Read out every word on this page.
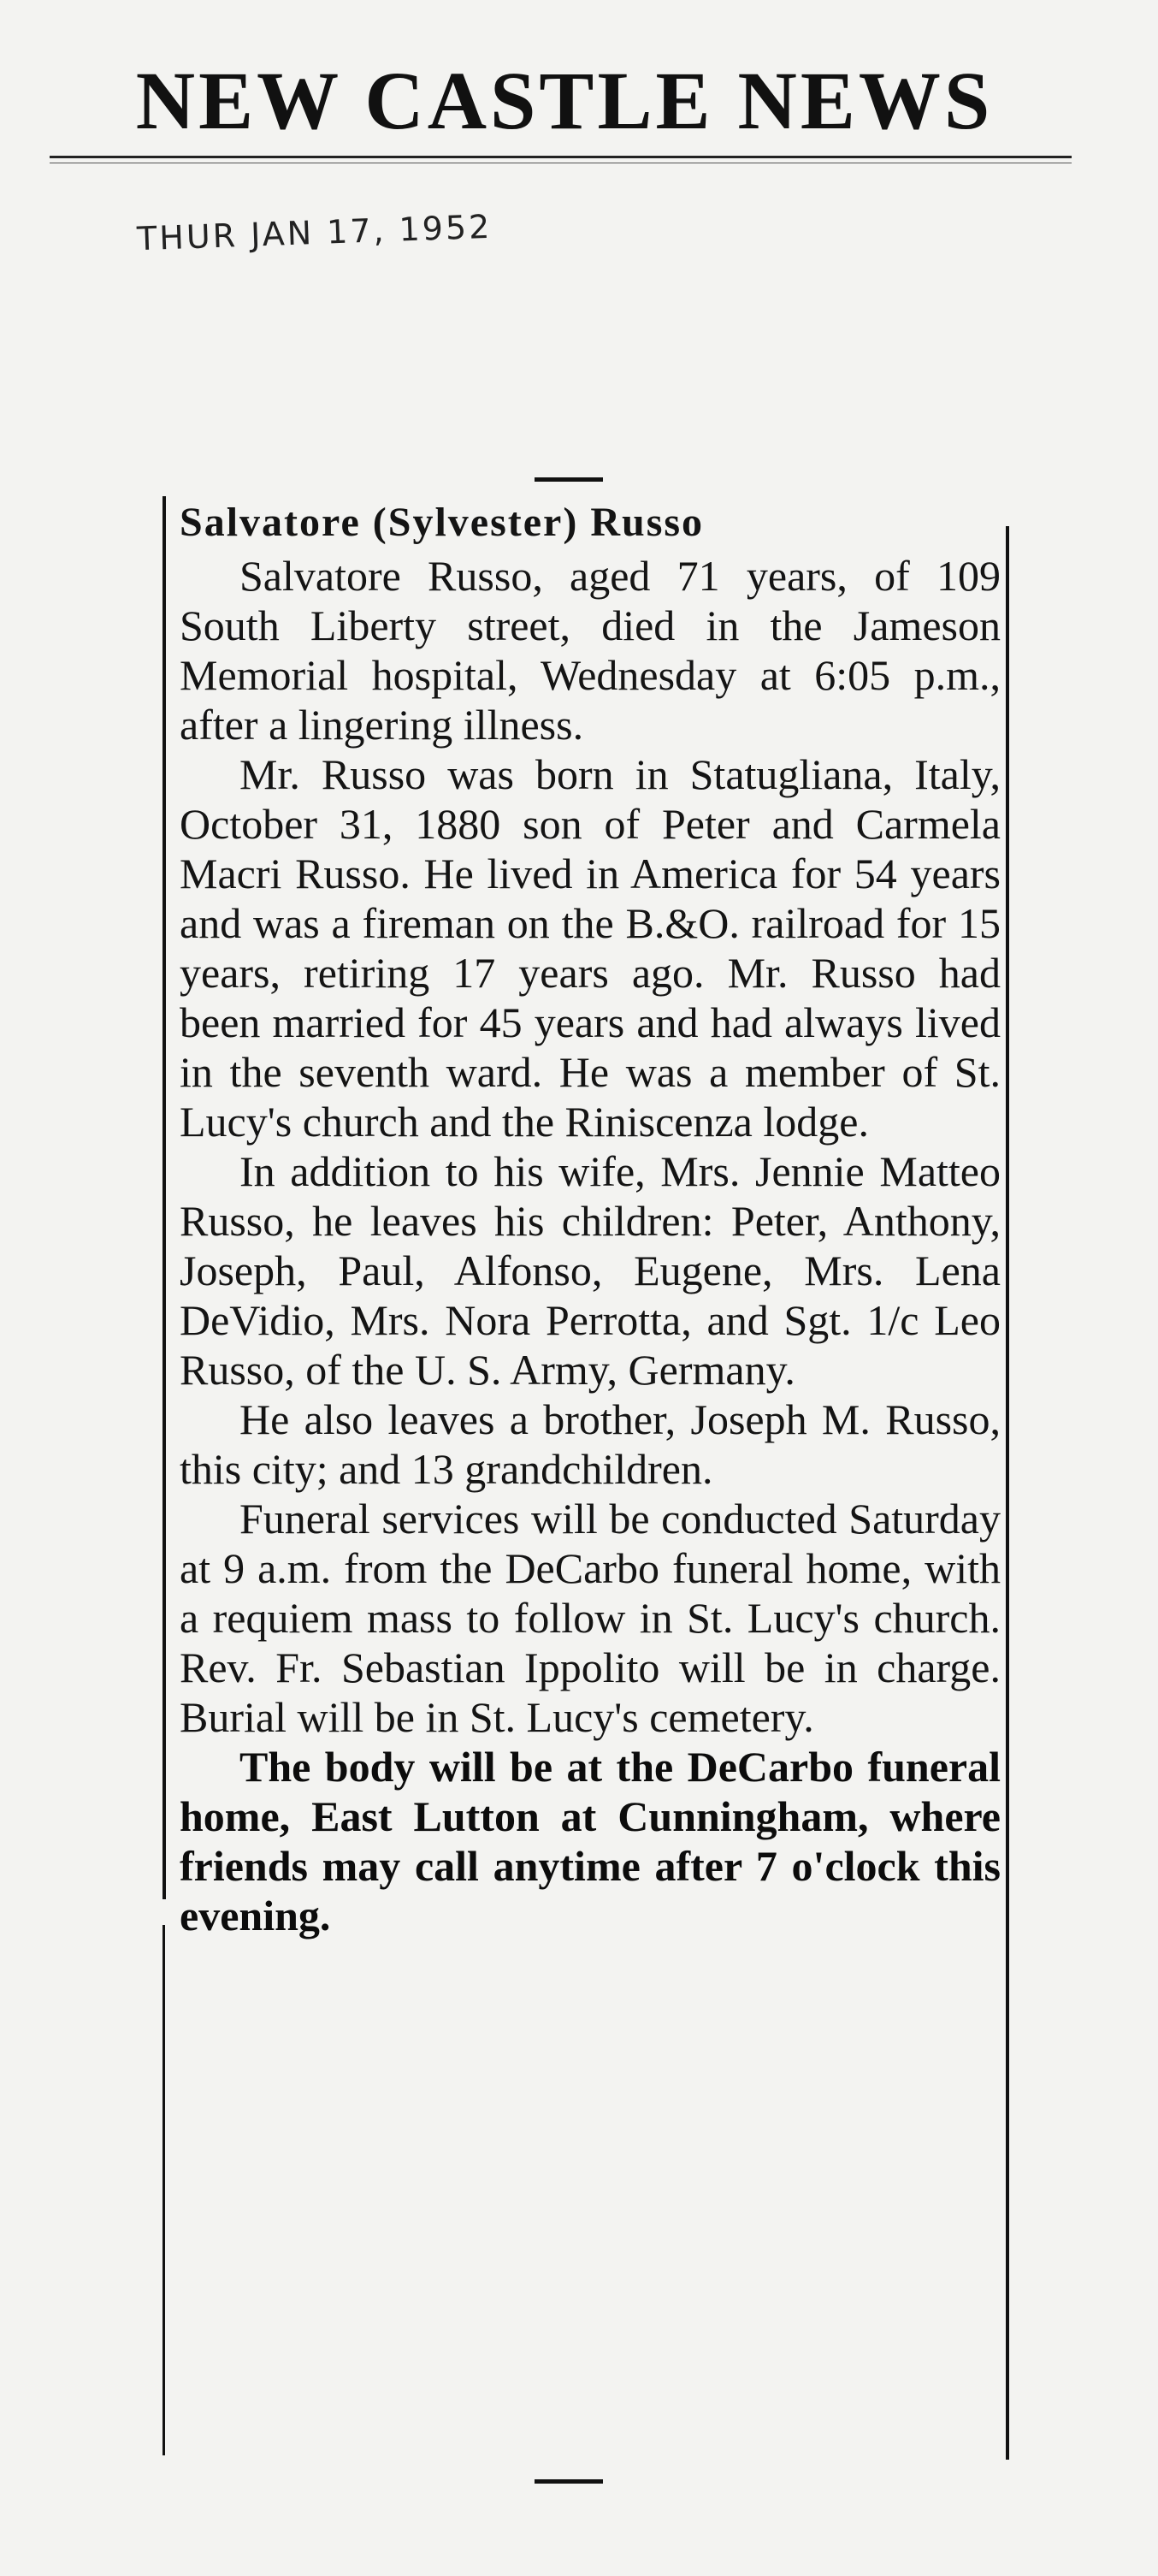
NEW CASTLE NEWS
THUR JAN 17, 1952
Salvatore (Sylvester) Russo

Salvatore Russo, aged 71 years, of 109 South Liberty street, died in the Jameson Memorial hospital, Wednesday at 6:05 p.m., after a lingering illness.

Mr. Russo was born in Statugliana, Italy, October 31, 1880 son of Peter and Carmela Macri Russo. He lived in America for 54 years and was a fireman on the B.&O. railroad for 15 years, retiring 17 years ago. Mr. Russo had been married for 45 years and had always lived in the seventh ward. He was a member of St. Lucy's church and the Riniscenza lodge.

In addition to his wife, Mrs. Jennie Matteo Russo, he leaves his children: Peter, Anthony, Joseph, Paul, Alfonso, Eugene, Mrs. Lena DeVidio, Mrs. Nora Perrotta, and Sgt. 1/c Leo Russo, of the U. S. Army, Germany.

He also leaves a brother, Joseph M. Russo, this city; and 13 grandchildren.

Funeral services will be conducted Saturday at 9 a.m. from the DeCarbo funeral home, with a requiem mass to follow in St. Lucy's church. Rev. Fr. Sebastian Ippolito will be in charge. Burial will be in St. Lucy's cemetery.

The body will be at the DeCarbo funeral home, East Lutton at Cunningham, where friends may call anytime after 7 o'clock this evening.
